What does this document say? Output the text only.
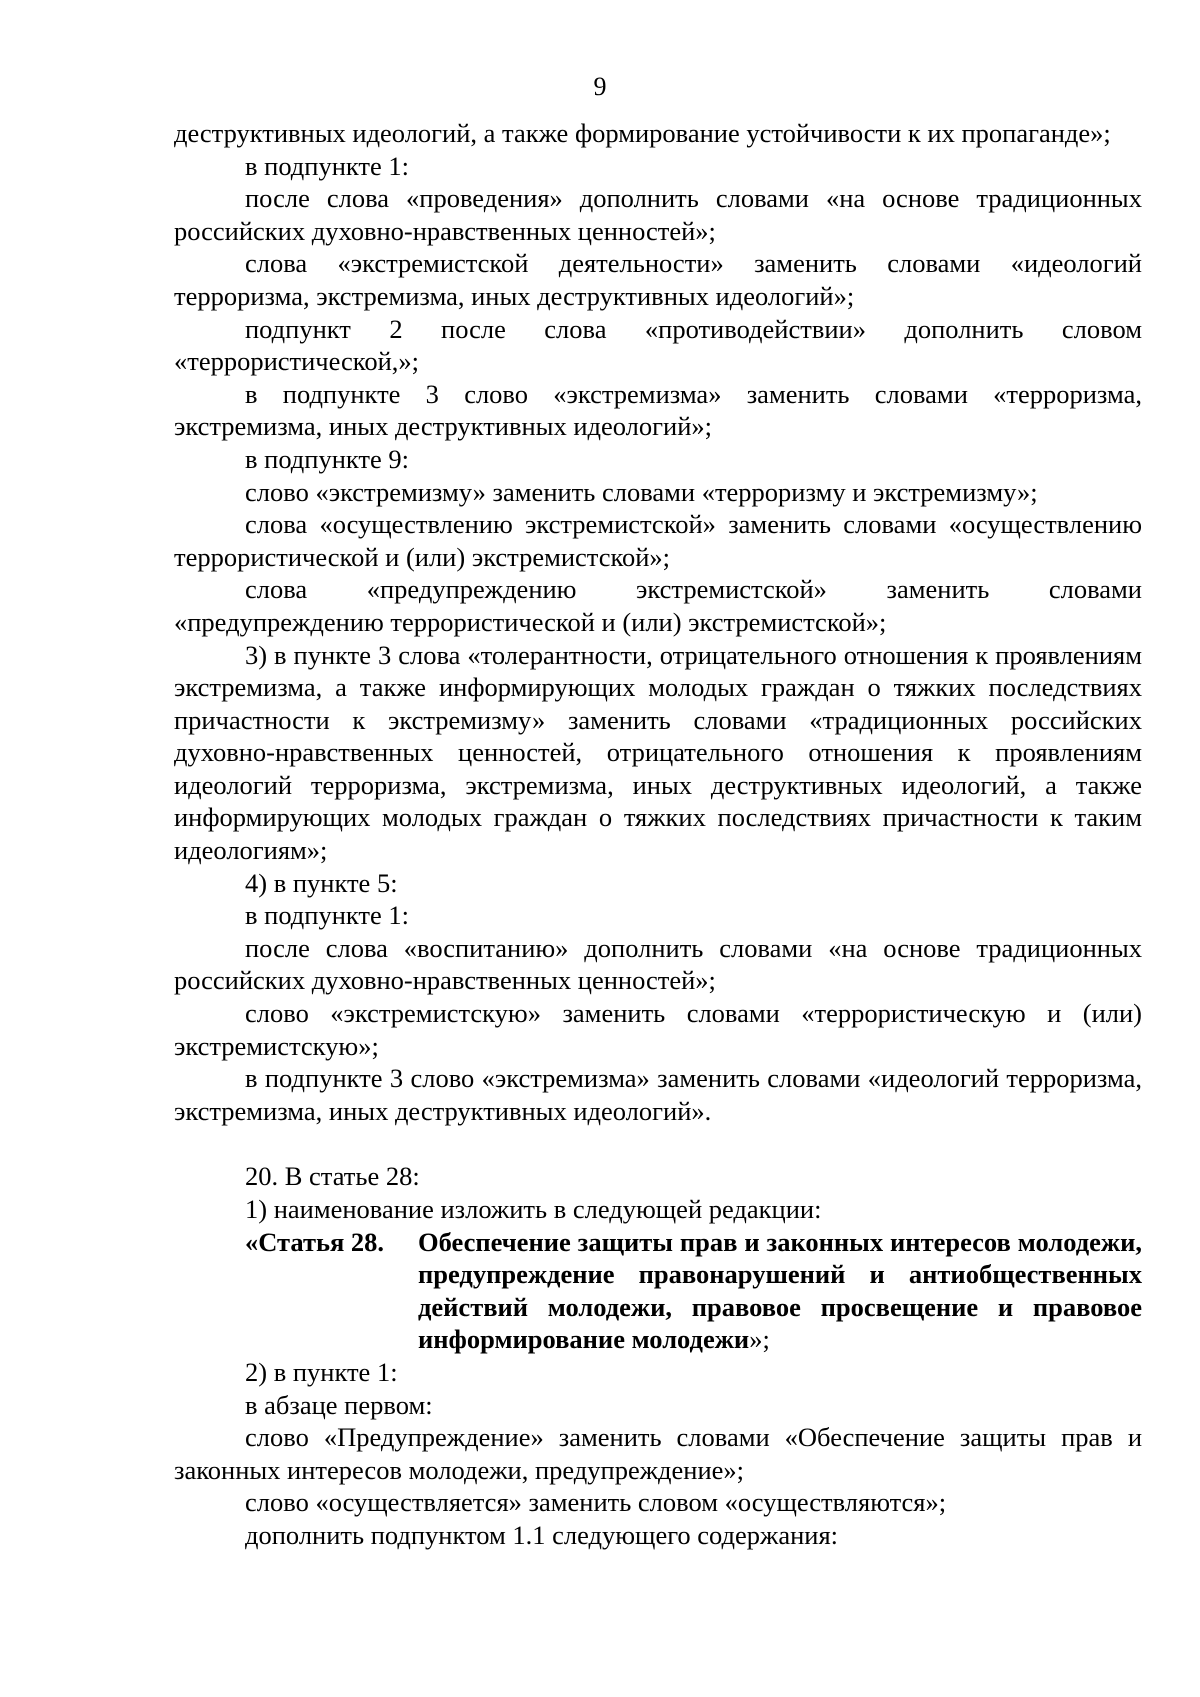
9

деструктивных идеологий, а также формирование устойчивости к их пропаганде»;

в подпункте 1:

после слова «проведения» дополнить словами «на основе традиционных российских духовно-нравственных ценностей»;

слова «экстремистской деятельности» заменить словами «идеологий терроризма, экстремизма, иных деструктивных идеологий»;

подпункт 2 после слова «противодействии» дополнить словом «террористической,»;

в подпункте 3 слово «экстремизма» заменить словами «терроризма, экстремизма, иных деструктивных идеологий»;

в подпункте 9:

слово «экстремизму» заменить словами «терроризму и экстремизму»;

слова «осуществлению экстремистской» заменить словами «осуществлению террористической и (или) экстремистской»;

слова «предупреждению экстремистской» заменить словами «предупреждению террористической и (или) экстремистской»;

3) в пункте 3 слова «толерантности, отрицательного отношения к проявлениям экстремизма, а также информирующих молодых граждан о тяжких последствиях причастности к экстремизму» заменить словами «традиционных российских духовно-нравственных ценностей, отрицательного отношения к проявлениям идеологий терроризма, экстремизма, иных деструктивных идеологий, а также информирующих молодых граждан о тяжких последствиях причастности к таким идеологиям»;

4) в пункте 5:

в подпункте 1:

после слова «воспитанию» дополнить словами «на основе традиционных российских духовно-нравственных ценностей»;

слово «экстремистскую» заменить словами «террористическую и (или) экстремистскую»;

в подпункте 3 слово «экстремизма» заменить словами «идеологий терроризма, экстремизма, иных деструктивных идеологий».

20. В статье 28:

1) наименование изложить в следующей редакции:

«Статья 28.	Обеспечение защиты прав и законных интересов молодежи, предупреждение правонарушений и антиобщественных действий молодежи, правовое просвещение и правовое информирование молодежи»;

2) в пункте 1:

в абзаце первом:

слово «Предупреждение» заменить словами «Обеспечение защиты прав и законных интересов молодежи, предупреждение»;

слово «осуществляется» заменить словом «осуществляются»;

дополнить подпунктом 1.1 следующего содержания:
